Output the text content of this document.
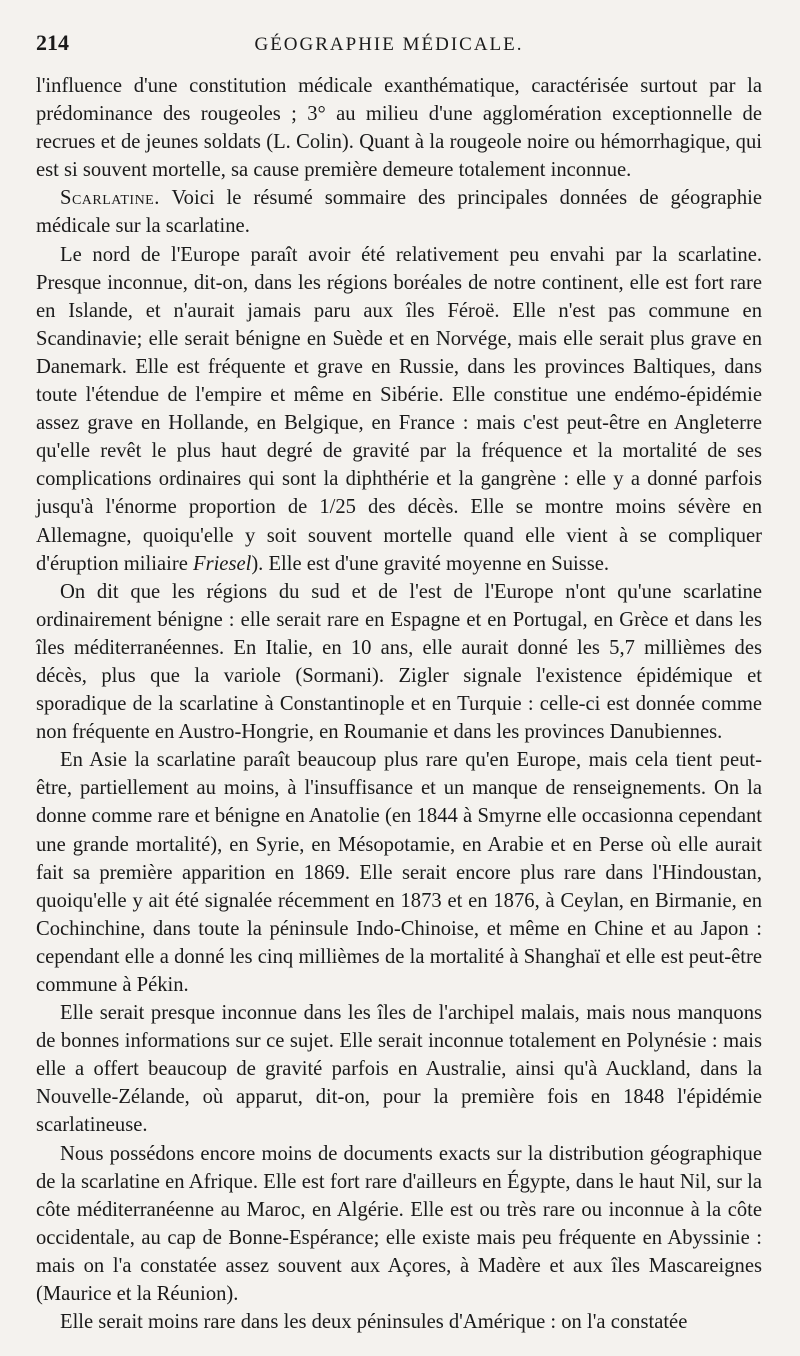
214	GÉOGRAPHIE MÉDICALE.

l'influence d'une constitution médicale exanthématique, caractérisée surtout par la prédominance des rougeoles ; 3° au milieu d'une agglomération exceptionnelle de recrues et de jeunes soldats (L. Colin). Quant à la rougeole noire ou hémorrhagique, qui est si souvent mortelle, sa cause première demeure totalement inconnue.

Scarlatine. Voici le résumé sommaire des principales données de géographie médicale sur la scarlatine.

Le nord de l'Europe paraît avoir été relativement peu envahi par la scarlatine. Presque inconnue, dit-on, dans les régions boréales de notre continent, elle est fort rare en Islande, et n'aurait jamais paru aux îles Féroë. Elle n'est pas commune en Scandinavie; elle serait bénigne en Suède et en Norvége, mais elle serait plus grave en Danemark. Elle est fréquente et grave en Russie, dans les provinces Baltiques, dans toute l'étendue de l'empire et même en Sibérie. Elle constitue une endémo-épidémie assez grave en Hollande, en Belgique, en France : mais c'est peut-être en Angleterre qu'elle revêt le plus haut degré de gravité par la fréquence et la mortalité de ses complications ordinaires qui sont la diphthérie et la gangrène : elle y a donné parfois jusqu'à l'énorme proportion de 1/25 des décès. Elle se montre moins sévère en Allemagne, quoiqu'elle y soit souvent mortelle quand elle vient à se compliquer d'éruption miliaire Friesel). Elle est d'une gravité moyenne en Suisse.

On dit que les régions du sud et de l'est de l'Europe n'ont qu'une scarlatine ordinairement bénigne : elle serait rare en Espagne et en Portugal, en Grèce et dans les îles méditerranéennes. En Italie, en 10 ans, elle aurait donné les 5,7 millièmes des décès, plus que la variole (Sormani). Zigler signale l'existence épidémique et sporadique de la scarlatine à Constantinople et en Turquie : celle-ci est donnée comme non fréquente en Austro-Hongrie, en Roumanie et dans les provinces Danubiennes.

En Asie la scarlatine paraît beaucoup plus rare qu'en Europe, mais cela tient peut-être, partiellement au moins, à l'insuffisance et un manque de renseignements. On la donne comme rare et bénigne en Anatolie (en 1844 à Smyrne elle occasionna cependant une grande mortalité), en Syrie, en Mésopotamie, en Arabie et en Perse où elle aurait fait sa première apparition en 1869. Elle serait encore plus rare dans l'Hindoustan, quoiqu'elle y ait été signalée récemment en 1873 et en 1876, à Ceylan, en Birmanie, en Cochinchine, dans toute la péninsule Indo-Chinoise, et même en Chine et au Japon : cependant elle a donné les cinq millièmes de la mortalité à Shanghaï et elle est peut-être commune à Pékin.

Elle serait presque inconnue dans les îles de l'archipel malais, mais nous manquons de bonnes informations sur ce sujet. Elle serait inconnue totalement en Polynésie : mais elle a offert beaucoup de gravité parfois en Australie, ainsi qu'à Auckland, dans la Nouvelle-Zélande, où apparut, dit-on, pour la première fois en 1848 l'épidémie scarlatineuse.

Nous possédons encore moins de documents exacts sur la distribution géographique de la scarlatine en Afrique. Elle est fort rare d'ailleurs en Égypte, dans le haut Nil, sur la côte méditerranéenne au Maroc, en Algérie. Elle est ou très rare ou inconnue à la côte occidentale, au cap de Bonne-Espérance; elle existe mais peu fréquente en Abyssinie : mais on l'a constatée assez souvent aux Açores, à Madère et aux îles Mascareignes (Maurice et la Réunion).

Elle serait moins rare dans les deux péninsules d'Amérique : on l'a constatée
